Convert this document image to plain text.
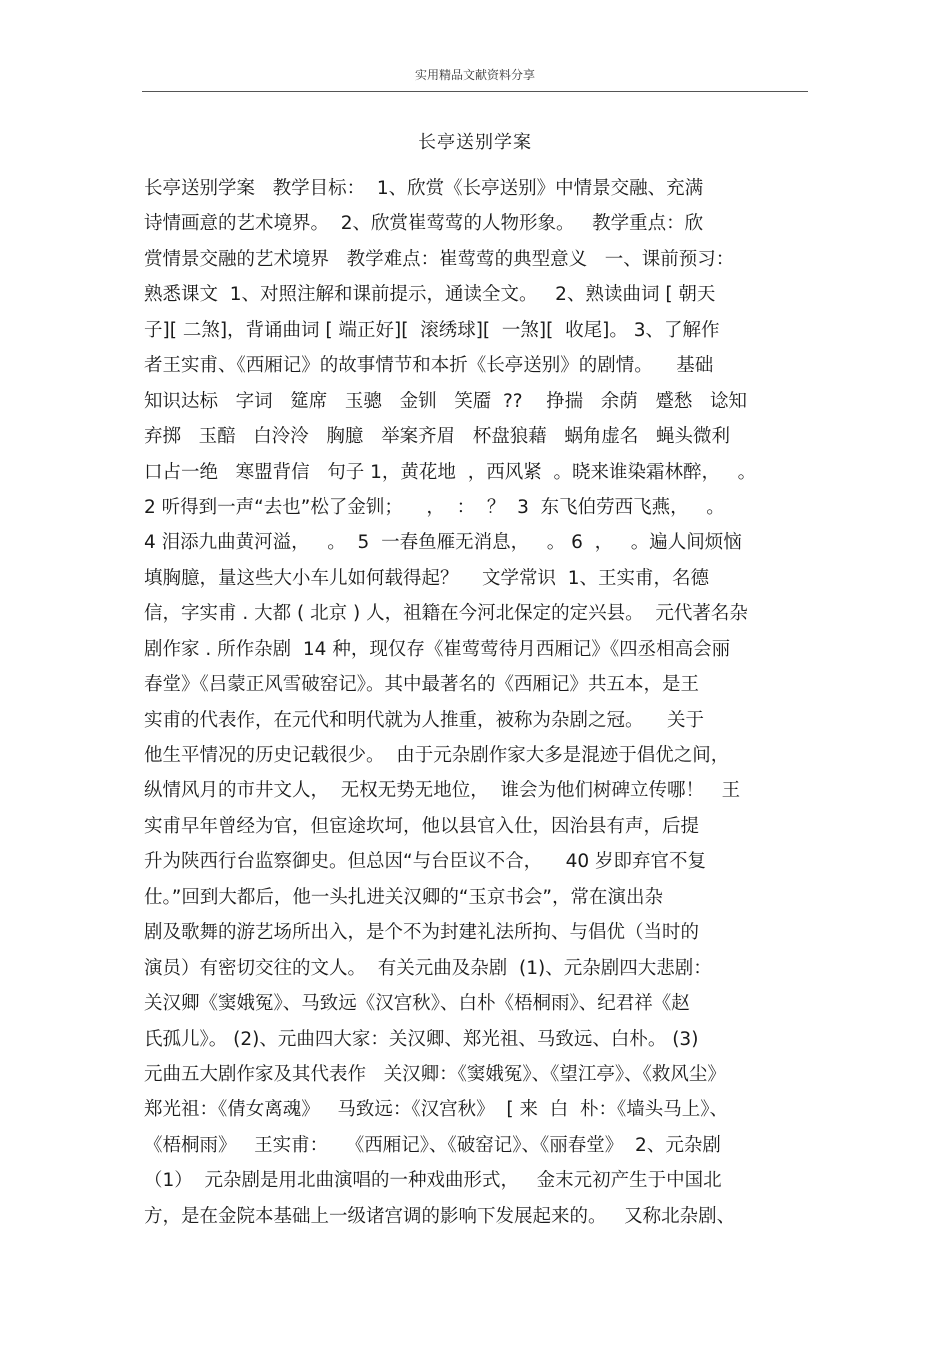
实用精品文献资料分享
长亭送别学案
长亭送别学案   教学目标：  1、欣赏《长亭送别》中情景交融、充满
诗情画意的艺术境界。  2、欣赏崔莺莺的人物形象。   教学重点：欣
赏情景交融的艺术境界   教学难点：崔莺莺的典型意义   一、课前预习：
熟悉课文  1、对照注解和课前提示，通读全文。   2、熟读曲词 [ 朝天
子][ 二煞]，背诵曲词 [ 端正好][  滚绣球][  一煞][  收尾]。 3、了解作
者王实甫、《西厢记》的故事情节和本折《长亭送别》的剧情。    基础
知识达标   字词   筵席   玉骢   金钏   笑靥  ??    挣揣   余荫   蹙愁   谂知
弃掷   玉醅   白泠泠   胸臆   举案齐眉   杯盘狼藉   蜗角虚名   蝇头微利
口占一绝   寒盟背信   句子 1，黄花地  ，西风紧  。晓来谁染霜林醉，   。
2 听得到一声“去也”松了金钏；    ，  ：  ？  3  东飞伯劳西飞燕，   。
4 泪添九曲黄河溢，   。  5  一春鱼雁无消息，   。 6  ，   。遍人间烦恼
填胸臆，量这些大小车儿如何载得起？    文学常识  1、王实甫，名德
信，字实甫 . 大都 ( 北京 ) 人，祖籍在今河北保定的定兴县。  元代著名杂
剧作家 . 所作杂剧  14 种，现仅存《崔莺莺待月西厢记》《四丞相高会丽
春堂》《吕蒙正风雪破窑记》。其中最著名的《西厢记》共五本，是王
实甫的代表作，在元代和明代就为人推重，被称为杂剧之冠。    关于
他生平情况的历史记载很少。  由于元杂剧作家大多是混迹于倡优之间，
纵情风月的市井文人，  无权无势无地位，  谁会为他们树碑立传哪！   王
实甫早年曾经为官，但宦途坎坷，他以县官入仕，因治县有声，后提
升为陕西行台监察御史。但总因“与台臣议不合，    40 岁即弃官不复
仕。”回到大都后，他一头扎进关汉卿的“玉京书会”，常在演出杂
剧及歌舞的游艺场所出入，是个不为封建礼法所拘、与倡优（当时的
演员）有密切交往的文人。  有关元曲及杂剧  (1)、元杂剧四大悲剧：
关汉卿《窦娥冤》、马致远《汉宫秋》、白朴《梧桐雨》、纪君祥《赵
氏孤儿》。 (2)、元曲四大家：关汉卿、郑光祖、马致远、白朴。 (3)
元曲五大剧作家及其代表作   关汉卿：《窦娥冤》、《望江亭》、《救风尘》
郑光祖：《倩女离魂》   马致远：《汉宫秋》  [ 来  白  朴：《墙头马上》、
《梧桐雨》   王实甫：   《西厢记》、《破窑记》、《丽春堂》  2、元杂剧
（1）  元杂剧是用北曲演唱的一种戏曲形式，   金末元初产生于中国北
方，是在金院本基础上一级诸宫调的影响下发展起来的。   又称北杂剧、
